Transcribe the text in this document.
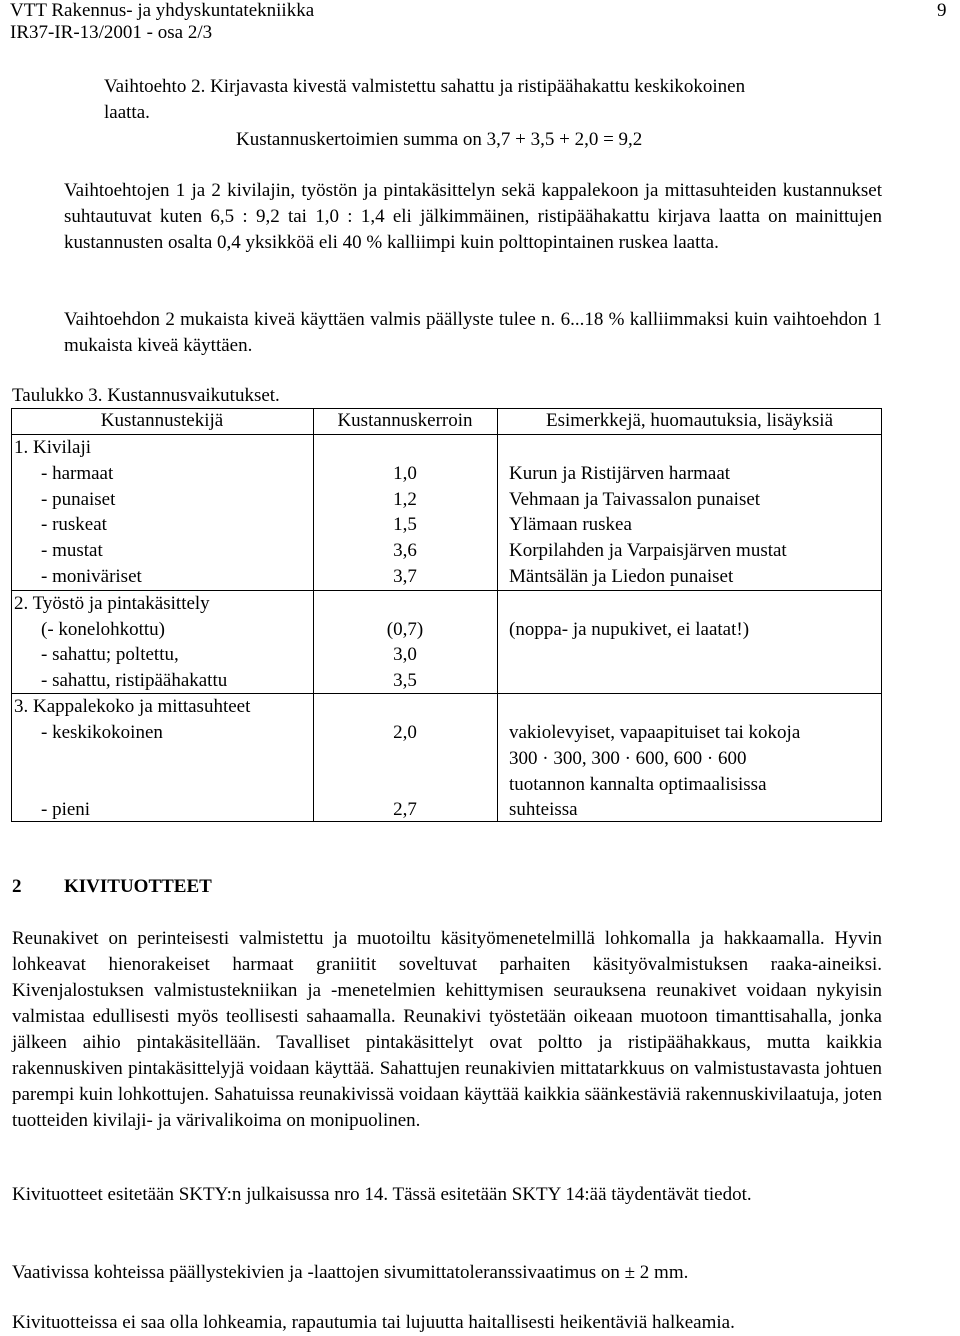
VTT Rakennus- ja yhdyskuntatekniikka
IR37-IR-13/2001 - osa 2/3
9
Vaihtoehto 2. Kirjavasta kivestä valmistettu sahattu ja ristipäähakattu keskikokoinen
laatta.
Kustannuskertoimien summa on 3,7 + 3,5 + 2,0 = 9,2
Vaihtoehtojen 1 ja 2 kivilajin, työstön ja pintakäsittelyn sekä kappalekoon ja mittasuhteiden kustannukset suhtautuvat kuten 6,5 : 9,2 tai 1,0 : 1,4 eli jälkimmäinen, ristipäähakattu kirjava laatta on mainittujen kustannusten osalta 0,4 yksikköä eli 40 % kalliimpi kuin polttopintainen ruskea laatta.
Vaihtoehdon 2 mukaista kiveä käyttäen valmis päällyste tulee n. 6...18 % kalliimmaksi kuin vaihtoehdon 1 mukaista kiveä käyttäen.
Taulukko 3. Kustannusvaikutukset.
Kustannustekijä	Kustannuskerroin	Esimerkkejä, huomautuksia, lisäyksiä
1. Kivilaji
- harmaat	1,0	Kurun ja Ristijärven harmaat
- punaiset	1,2	Vehmaan ja Taivassalon punaiset
- ruskeat	1,5	Ylämaan ruskea
- mustat	3,6	Korpilahden ja Varpaisjärven mustat
- moniväriset	3,7	Mäntsälän ja Liedon punaiset
2. Työstö ja pintakäsittely
(- konelohkottu)	(0,7)	(noppa- ja nupukivet, ei laatat!)
- sahattu; poltettu,	3,0
- sahattu, ristipäähakattu	3,5
3. Kappalekoko ja mittasuhteet
- keskikokoinen	2,0	vakiolevyiset, vapaapituiset tai kokoja
300 · 300, 300 · 600, 600 · 600
tuotannon kannalta optimaalisissa
- pieni	2,7	suhteissa
2 KIVITUOTTEET
Reunakivet on perinteisesti valmistettu ja muotoiltu käsityömenetelmillä lohkomalla ja hakkaamalla. Hyvin lohkeavat hienorakeiset harmaat graniitit soveltuvat parhaiten käsityövalmistuksen raaka-aineiksi. Kivenjalostuksen valmistustekniikan ja -menetelmien kehittymisen seurauksena reunakivet voidaan nykyisin valmistaa edullisesti myös teollisesti sahaamalla. Reunakivi työstetään oikeaan muotoon timanttisahalla, jonka jälkeen aihio pintakäsitellään. Tavalliset pintakäsittelyt ovat poltto ja ristipäähakkaus, mutta kaikkia rakennuskiven pintakäsittelyjä voidaan käyttää. Sahattujen reunakivien mittatarkkuus on valmistustavasta johtuen parempi kuin lohkottujen. Sahatuissa reunakivissä voidaan käyttää kaikkia säänkestäviä rakennuskivilaatuja, joten tuotteiden kivilaji- ja värivalikoima on monipuolinen.
Kivituotteet esitetään SKTY:n julkaisussa nro 14. Tässä esitetään SKTY 14:ää täydentävät tiedot.
Vaativissa kohteissa päällystekivien ja -laattojen sivumittatoleranssivaatimus on ± 2 mm.
Kivituotteissa ei saa olla lohkeamia, rapautumia tai lujuutta haitallisesti heikentäviä halkeamia.
